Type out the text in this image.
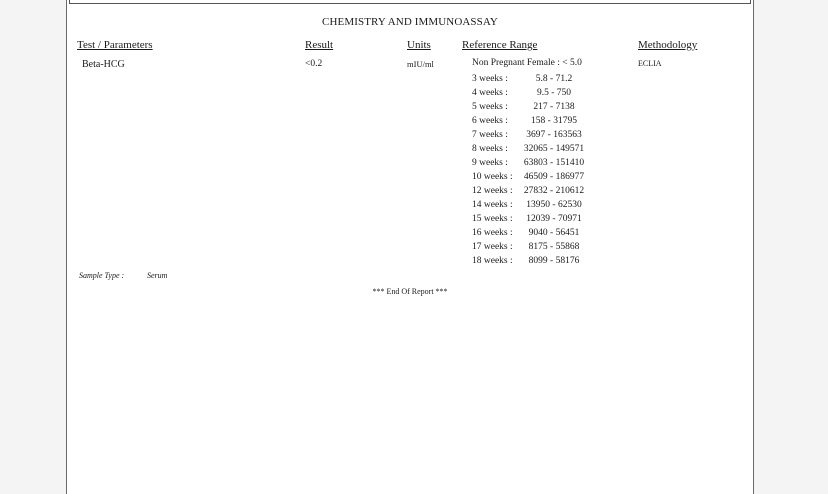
CHEMISTRY AND IMMUNOASSAY
Test / Parameters	Result	Units	Reference Range	Methodology
Beta-HCG	<0.2	mIU/ml	Non Pregnant Female : < 5.0	ECLIA
3 weeks :	5.8 - 71.2
4 weeks :	9.5 - 750
5 weeks :	217 - 7138
6 weeks :	158 - 31795
7 weeks :	3697 - 163563
8 weeks : 32065 - 149571
9 weeks : 63803 - 151410
10 weeks : 46509 - 186977
12 weeks : 27832 - 210612
14 weeks :	13950 - 62530
15 weeks :	12039 - 70971
16 weeks :	9040 - 56451
17 weeks :	8175 - 55868
18 weeks :	8099 - 58176
Sample Type :	Serum
*** End Of Report ***
